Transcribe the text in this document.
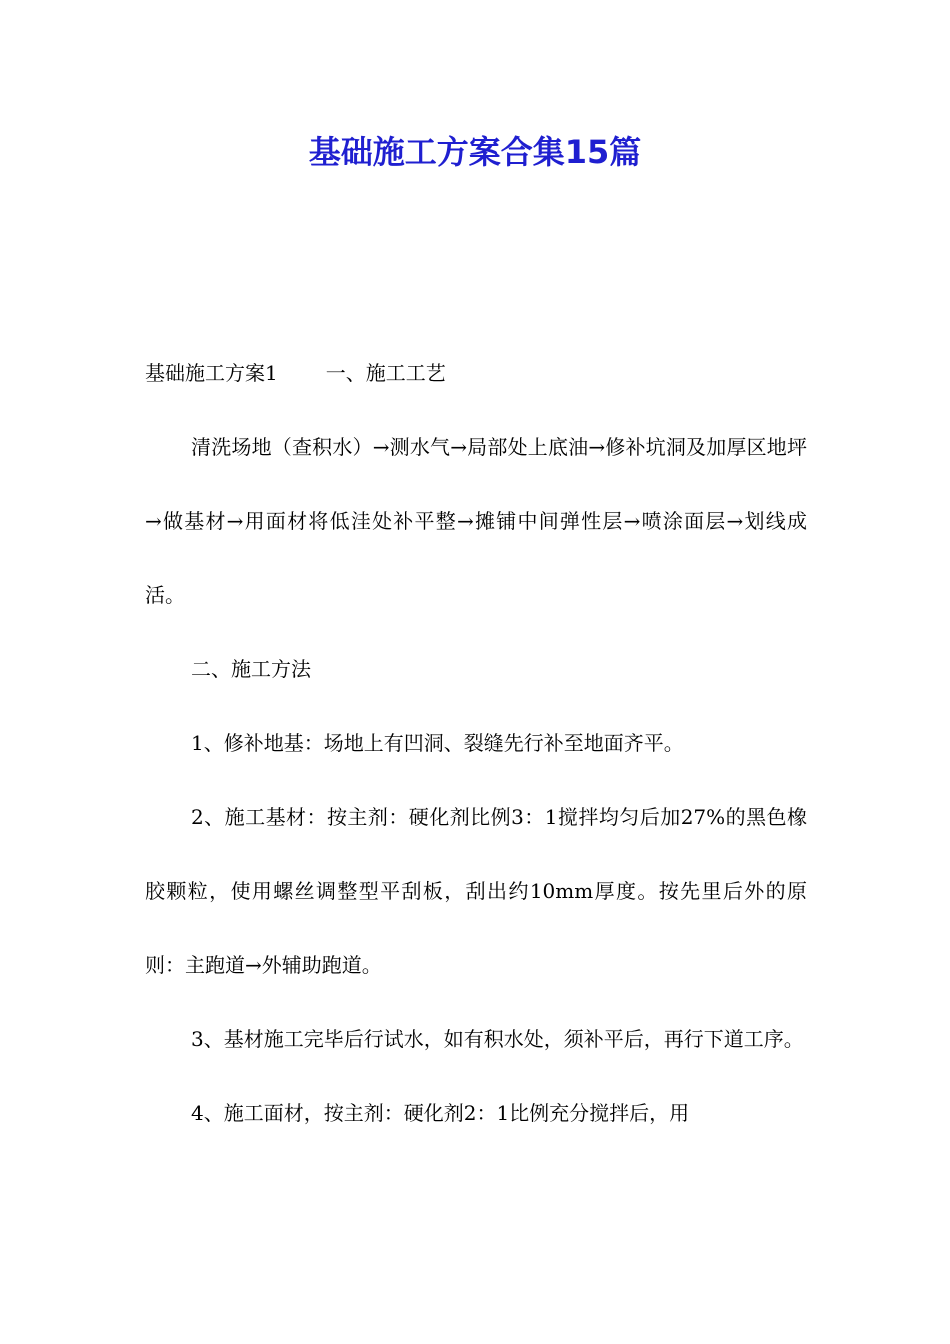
基础施工方案合集15篇

基础施工方案1 一、施工工艺

清洗场地（查积水）→测水气→局部处上底油→修补坑洞及加厚区地坪→做基材→用面材将低洼处补平整→摊铺中间弹性层→喷涂面层→划线成活。

二、施工方法

1、修补地基：场地上有凹洞、裂缝先行补至地面齐平。

2、施工基材：按主剂：硬化剂比例3：1搅拌均匀后加27%的黑色橡胶颗粒，使用螺丝调整型平刮板，刮出约10mm厚度。按先里后外的原则：主跑道→外辅助跑道。

3、基材施工完毕后行试水，如有积水处，须补平后，再行下道工序。

4、施工面材，按主剂：硬化剂2：1比例充分搅拌后，用
